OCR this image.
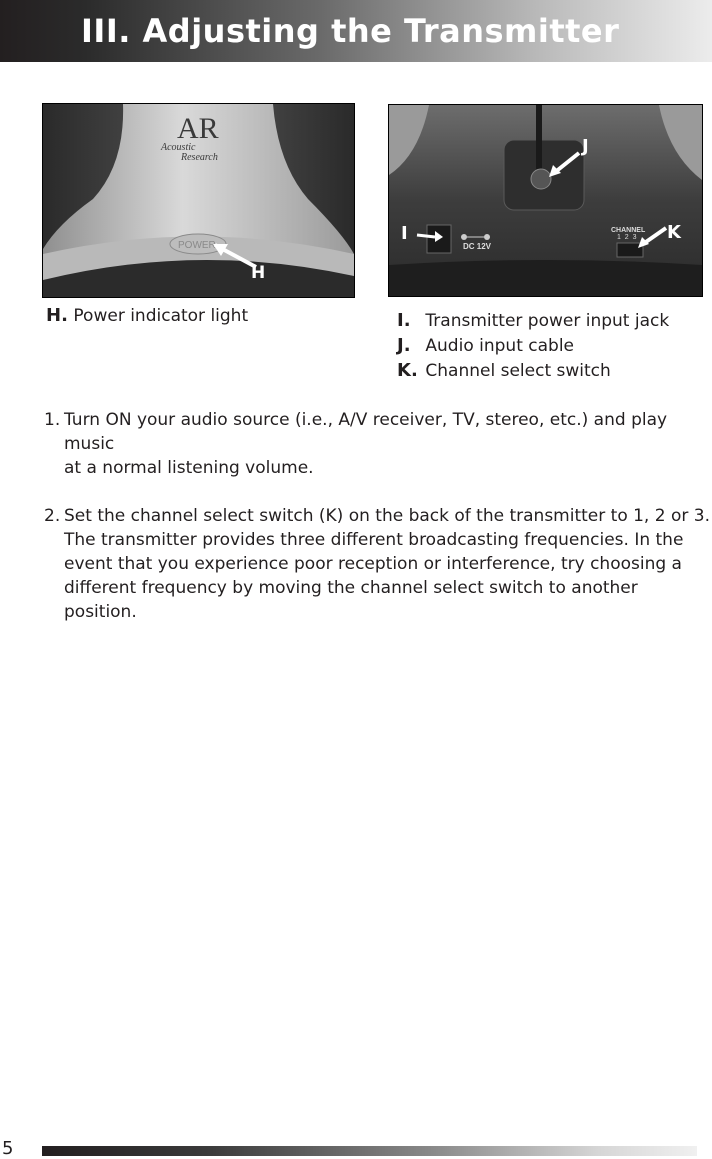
III. Adjusting the Transmitter
AR
Acoustic
Research
POWER
H
DC 12V
CHANNEL
1  2  3
I
J
K
H. Power indicator light	I. Transmitter power input jack
J. Audio input cable
K. Channel select switch
1. Turn ON your audio source (i.e., A/V receiver, TV, stereo, etc.) and play music
at a normal listening volume.
2. Set the channel select switch (K) on the back of the transmitter to 1, 2 or 3.
The transmitter provides three different broadcasting frequencies. In the
event that you experience poor reception or interference, try choosing a
different frequency by moving the channel select switch to another position.
5
